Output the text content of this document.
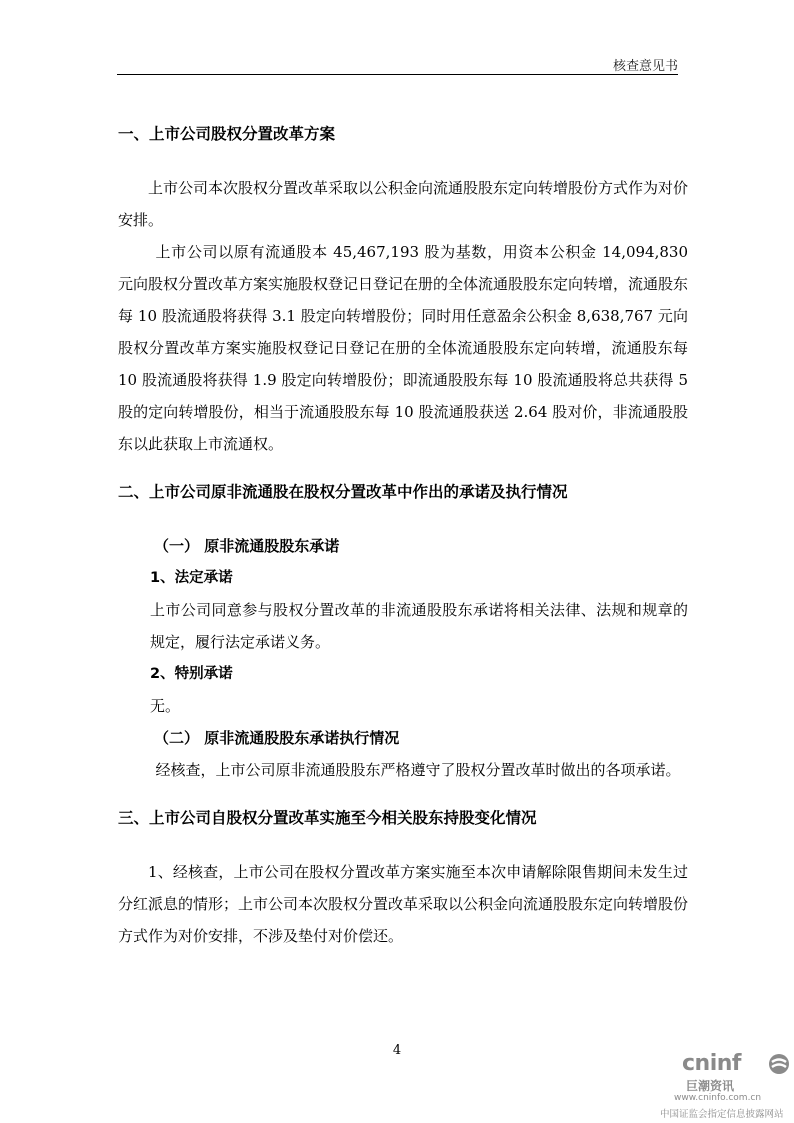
核查意见书
一、上市公司股权分置改革方案

上市公司本次股权分置改革采取以公积金向流通股股东定向转增股份方式作为对价安排。

上市公司以原有流通股本 45,467,193 股为基数，用资本公积金 14,094,830 元向股权分置改革方案实施股权登记日登记在册的全体流通股股东定向转增，流通股东每 10 股流通股将获得 3.1 股定向转增股份；同时用任意盈余公积金 8,638,767 元向股权分置改革方案实施股权登记日登记在册的全体流通股股东定向转增，流通股东每 10 股流通股将获得 1.9 股定向转增股份；即流通股股东每 10 股流通股将总共获得 5 股的定向转增股份，相当于流通股股东每 10 股流通股获送 2.64 股对价，非流通股股东以此获取上市流通权。

二、上市公司原非流通股在股权分置改革中作出的承诺及执行情况
（一） 原非流通股股东承诺
1、法定承诺

上市公司同意参与股权分置改革的非流通股股东承诺将相关法律、法规和规章的规定，履行法定承诺义务。

2、特别承诺

无。

（二） 原非流通股股东承诺执行情况

经核查，上市公司原非流通股股东严格遵守了股权分置改革时做出的各项承诺。

三、上市公司自股权分置改革实施至今相关股东持股变化情况

1、经核查，上市公司在股权分置改革方案实施至本次申请解除限售期间未发生过分红派息的情形；上市公司本次股权分置改革采取以公积金向流通股股东定向转增股份方式作为对价安排，不涉及垫付对价偿还。

4
cninf
巨潮资讯
www.cninfo.com.cn
中国证监会指定信息披露网站
